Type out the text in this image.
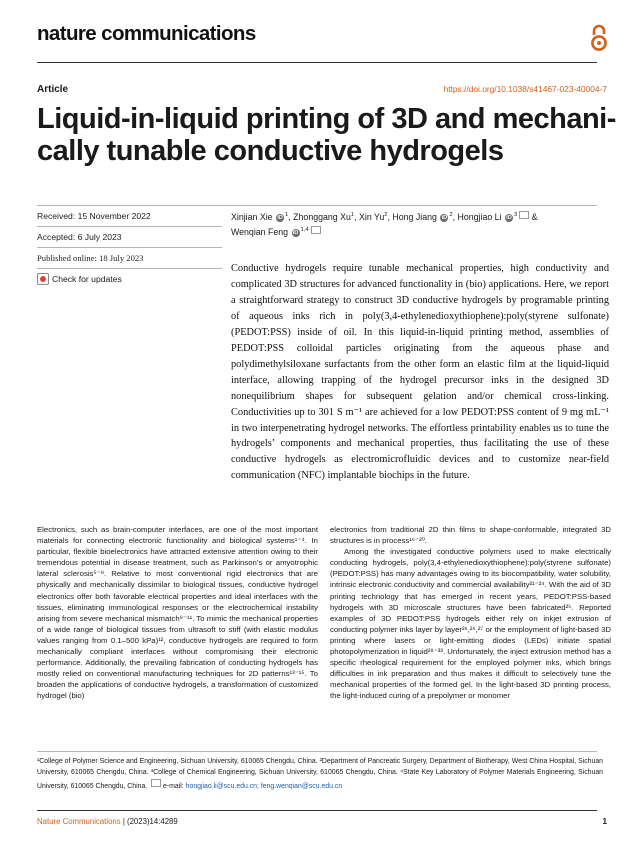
nature communications
Article	https://doi.org/10.1038/s41467-023-40004-7
Liquid-in-liquid printing of 3D and mechani-
cally tunable conductive hydrogels
Received: 15 November 2022
Accepted: 6 July 2023
Published online: 18 July 2023
Check for updates
Xinjian Xie iD $^1$, Zhonggang Xu$^1$, Xin Yu$^2$, Hong Jiang iD $^2$, Hongjiao Li iD $^3$ &
Wenqian Feng iD $^{1,4}$
Conductive hydrogels require tunable mechanical properties, high conductivity and complicated 3D structures for advanced functionality in (bio) applications. Here, we report a straightforward strategy to construct 3D conductive hydrogels by programable printing of aqueous inks rich in poly(3,4-ethylenedioxythiophene):poly(styrene sulfonate) (PEDOT:PSS) inside of oil. In this liquid-in-liquid printing method, assemblies of PEDOT:PSS colloidal particles originating from the aqueous phase and polydimethylsiloxane surfactants from the other form an elastic film at the liquid-liquid interface, allowing trapping of the hydrogel precursor inks in the designed 3D nonequilibrium shapes for subsequent gelation and/or chemical cross-linking. Conductivities up to 301 S m⁻¹ are achieved for a low PEDOT:PSS content of 9 mg mL⁻¹ in two interpenetrating hydrogel networks. The effortless printability enables us to tune the hydrogels’ components and mechanical properties, thus facilitating the use of these conductive hydrogels as electromicrofluidic devices and to customize near-field communication (NFC) implantable biochips in the future.

Electronics, such as brain-computer interfaces, are one of the most important materials for connecting electronic functionality and biological systems¹⁻⁴. In particular, flexible bioelectronics have attracted extensive attention owing to their tremendous potential in disease treatment, such as Parkinson’s or amyotrophic lateral sclerosis⁵⁻⁸. Relative to most conventional rigid electronics that are physically and mechanically dissimilar to biological tissues, conductive hydrogel electronics offer both favorable electrical properties and ideal interfaces with the tissues, eliminating immunological responses or the electrochemical instability arising from severe mechanical mismatch⁹⁻¹¹. To mimic the mechanical properties of a wide range of biological tissues from ultrasoft to stiff (with elastic modulus values ranging from 0.1–500 kPa)¹², conductive hydrogels are required to form mechanically compliant interfaces without compromising their electronic performance. Additionally, the prevailing fabrication of conducting hydrogels has mostly relied on conventional manufacturing techniques for 2D patterns¹³⁻¹⁵. To broaden the applications of conductive hydrogels, a transformation of customized hydrogel (bio)

electronics from traditional 2D thin films to shape-conformable, integrated 3D structures is in process¹⁶⁻²⁰.

Among the investigated conductive polymers used to make electrically conducting hydrogels, poly(3,4-ethylenedioxythiophene):poly(styrene sulfonate) (PEDOT:PSS) has many advantages owing to its biocompatibility, water solubility, intrinsic electronic conductivity and commercial availability²¹⁻²⁴. With the aid of 3D printing technology that has emerged in recent years, PEDOT:PSS-based hydrogels with 3D microscale structures have been fabricated²⁵. Reported examples of 3D PEDOT:PSS hydrogels either rely on inkjet extrusion of conducting polymer inks layer by layer²⁶,²⁶,²⁷ or the employment of light-based 3D printing where lasers or light-emitting diodes (LEDs) initiate spatial photopolymerization in liquid²⁸⁻³³. Unfortunately, the inject extrusion method has a specific rheological requirement for the employed polymer inks, which brings difficulties in ink preparation and thus makes it difficult to selectively tune the mechanical properties of the formed gel. In the light-based 3D printing process, the light-induced curing of a prepolymer or monomer

¹College of Polymer Science and Engineering, Sichuan University, 610065 Chengdu, China. ²Department of Pancreatic Surgery, Department of Biotherapy, West China Hospital, Sichuan University, 610065 Chengdu, China. ³College of Chemical Engineering, Sichuan University, 610065 Chengdu, China. ⁴State Key Laboratory of Polymer Materials Engineering, Sichuan University, 610065 Chengdu, China. e-mail: hongjiao.li@scu.edu.cn; feng.wenqian@scu.edu.cn
Nature Communications | (2023)14:4289	1
